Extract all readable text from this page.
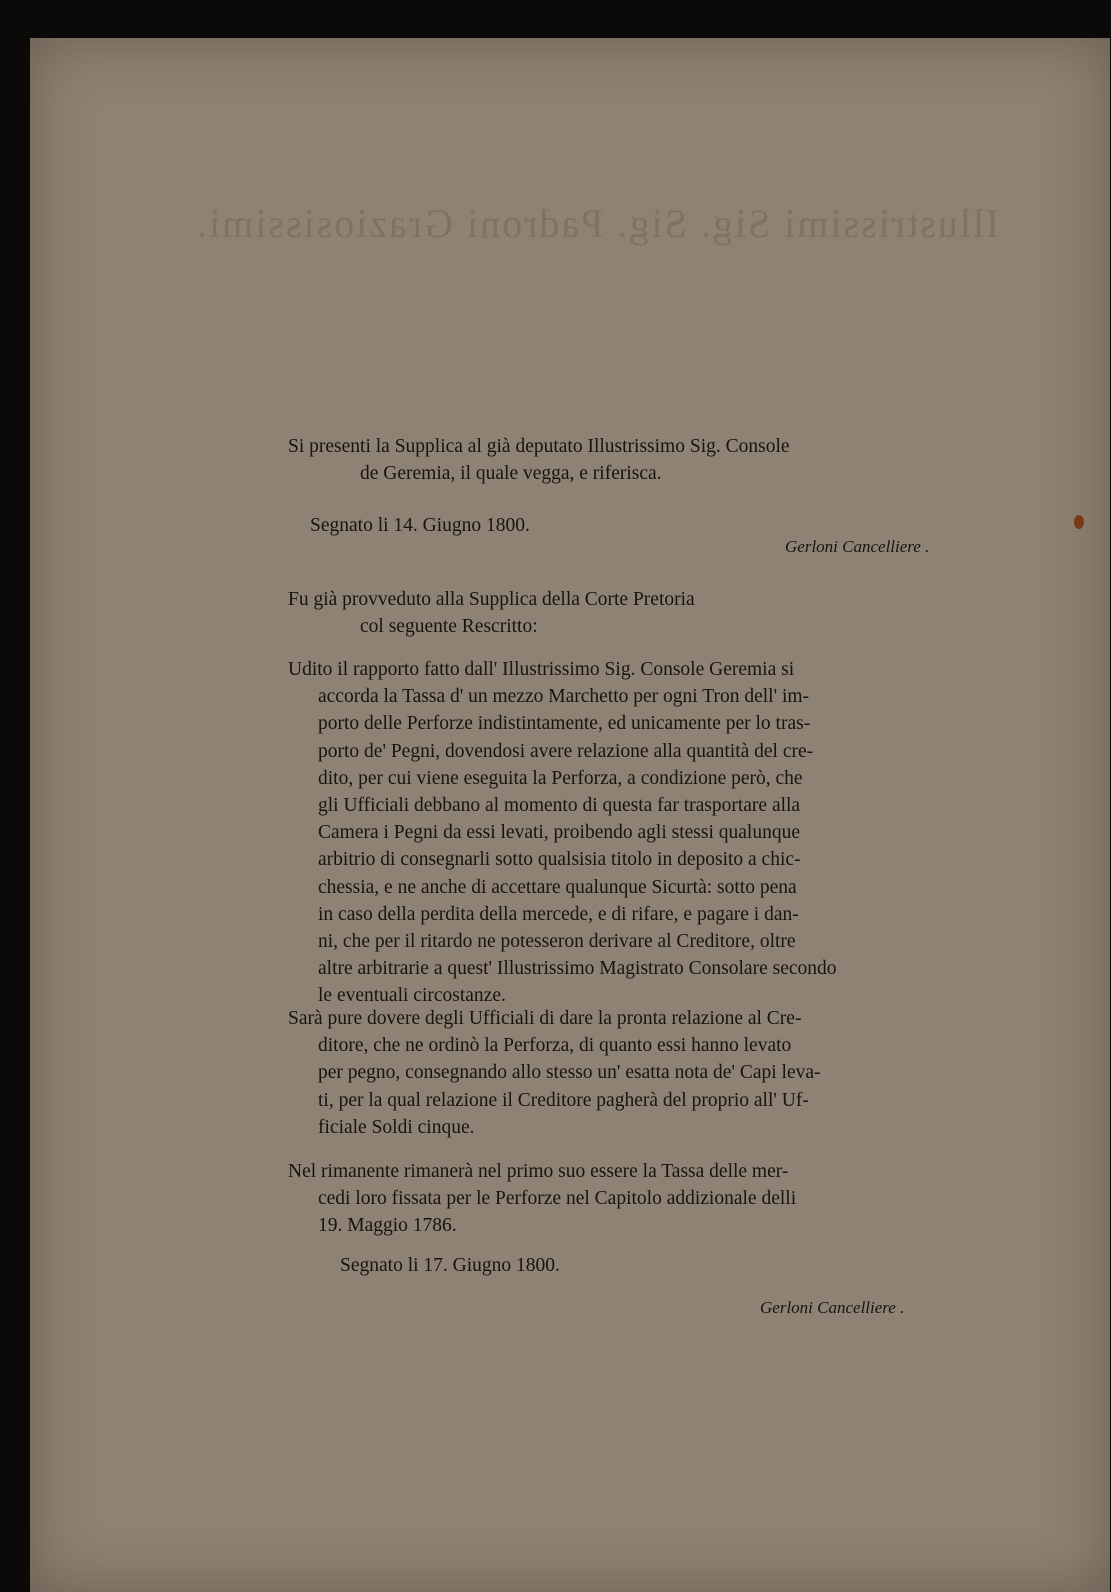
Illustrissimi Sig. Sig. Padroni Graziosissimi.
Si presenti la Supplica al già deputato Illustrissimo Sig. Console
de Geremia, il quale vegga, e riferisca.
Segnato li 14. Giugno 1800.
Gerloni Cancelliere .
Fu già provveduto alla Supplica della Corte Pretoria
col seguente Rescritto:
Udito il rapporto fatto dall' Illustrissimo Sig. Console Geremia si
accorda la Tassa d' un mezzo Marchetto per ogni Tron dell' im-
porto delle Perforze indistintamente, ed unicamente per lo tras-
porto de' Pegni, dovendosi avere relazione alla quantità del cre-
dito, per cui viene eseguita la Perforza, a condizione però, che
gli Ufficiali debbano al momento di questa far trasportare alla
Camera i Pegni da essi levati, proibendo agli stessi qualunque
arbitrio di consegnarli sotto qualsisia titolo in deposito a chic-
chessia, e ne anche di accettare qualunque Sicurtà: sotto pena
in caso della perdita della mercede, e di rifare, e pagare i dan-
ni, che per il ritardo ne potesseron derivare al Creditore, oltre
altre arbitrarie a quest' Illustrissimo Magistrato Consolare secondo
le eventuali circostanze.
Sarà pure dovere degli Ufficiali di dare la pronta relazione al Cre-
ditore, che ne ordinò la Perforza, di quanto essi hanno levato
per pegno, consegnando allo stesso un' esatta nota de' Capi leva-
ti, per la qual relazione il Creditore pagherà del proprio all' Uf-
ficiale Soldi cinque.
Nel rimanente rimanerà nel primo suo essere la Tassa delle mer-
cedi loro fissata per le Perforze nel Capitolo addizionale delli
19. Maggio 1786.
Segnato li 17. Giugno 1800.
Gerloni Cancelliere .
